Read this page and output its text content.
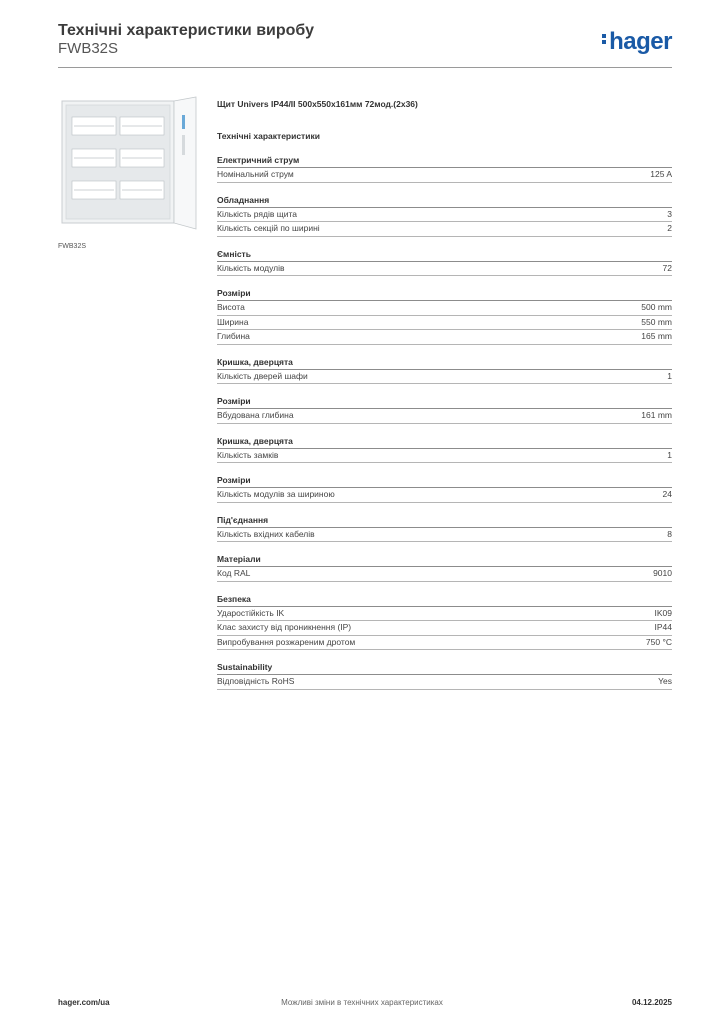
Технічні характеристики виробу
FWB32S	hager
FWB32S
Щит Univers IP44/II 500x550x161мм 72мод.(2x36)
Технічні характеристики
Електричний струм
Номінальний струм	125 A
Обладнання
Кількість рядів щита	3
Кількість секцій по ширині	2
Ємність
Кількість модулів	72
Розміри
Висота	500 mm
Ширина	550 mm
Глибина	165 mm
Кришка, дверцята
Кількість дверей шафи	1
Розміри
Вбудована глибина	161 mm
Кришка, дверцята
Кількість замків	1
Розміри
Кількість модулів за шириною	24
Під'єднання
Кількість вхідних кабелів	8
Матеріали
Код RAL	9010
Безпека
Ударостійкість IK	IK09
Клас захисту від проникнення (IP)	IP44
Випробування розжареним дротом	750 °C
Sustainability
Відповідність RoHS	Yes
hager.com/ua	Можливі зміни в технічних характеристиках	04.12.2025
